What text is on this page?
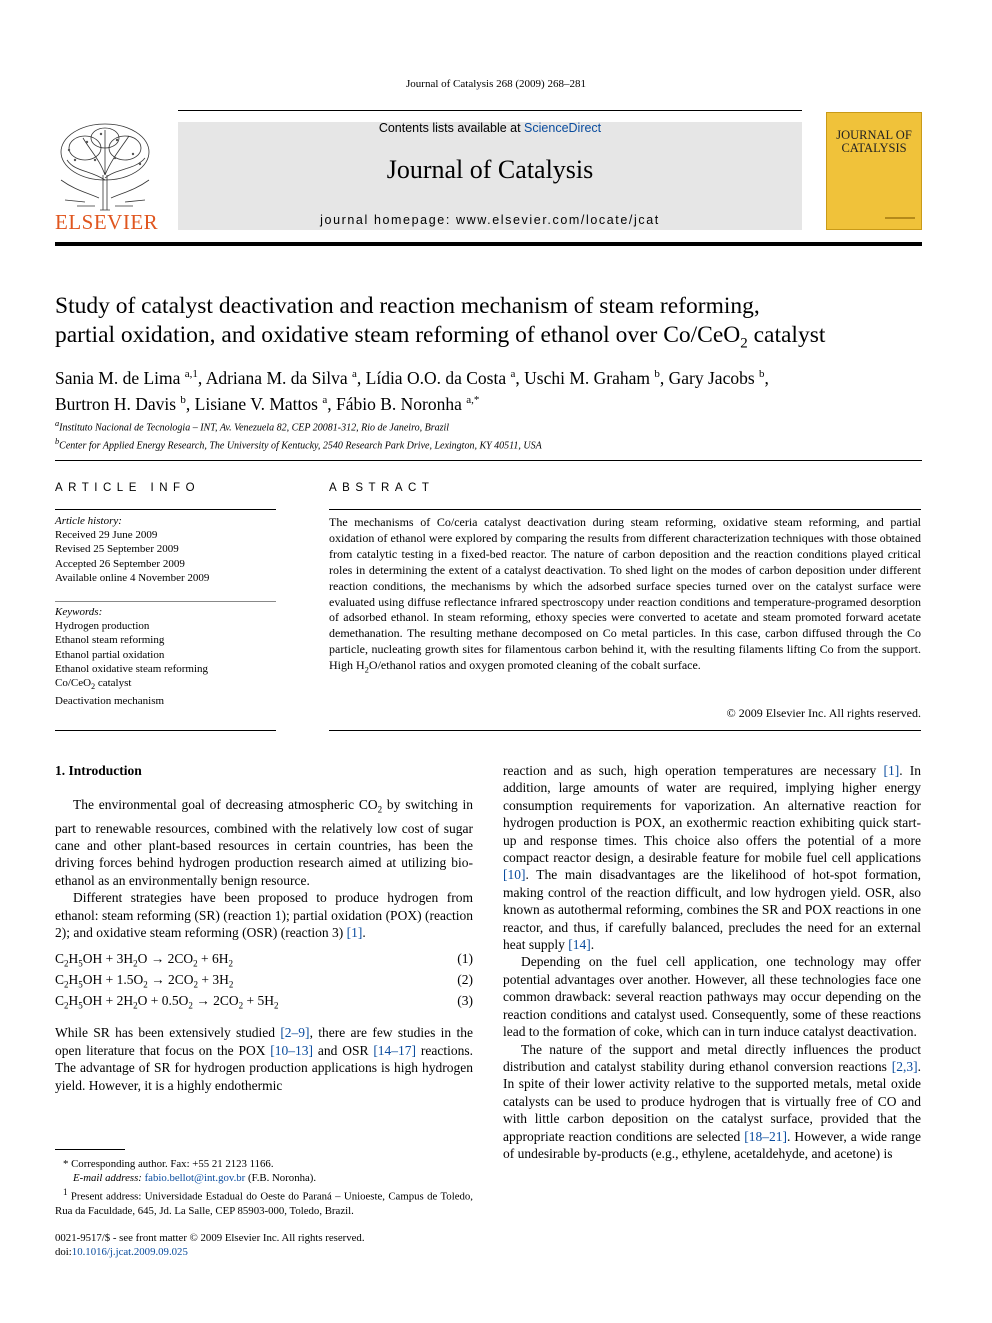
Journal of Catalysis 268 (2009) 268–281
ELSEVIER
Contents lists available at ScienceDirect
Journal of Catalysis
journal homepage: www.elsevier.com/locate/jcat
JOURNAL OF
CATALYSIS
Study of catalyst deactivation and reaction mechanism of steam reforming,
partial oxidation, and oxidative steam reforming of ethanol over Co/CeO$_2$ catalyst
Sania M. de Lima $^{a,1}$, Adriana M. da Silva $^a$, Lídia O.O. da Costa $^a$, Uschi M. Graham $^b$, Gary Jacobs $^b$,
Burtron H. Davis $^b$, Lisiane V. Mattos $^a$, Fábio B. Noronha $^{a,*}$
$^a$Instituto Nacional de Tecnologia – INT, Av. Venezuela 82, CEP 20081-312, Rio de Janeiro, Brazil
$^b$Center for Applied Energy Research, The University of Kentucky, 2540 Research Park Drive, Lexington, KY 40511, USA
ARTICLE INFO
Article history:
Received 29 June 2009
Revised 25 September 2009
Accepted 26 September 2009
Available online 4 November 2009
Keywords:
Hydrogen production
Ethanol steam reforming
Ethanol partial oxidation
Ethanol oxidative steam reforming
Co/CeO$_2$ catalyst
Deactivation mechanism
ABSTRACT
The mechanisms of Co/ceria catalyst deactivation during steam reforming, oxidative steam reforming, and partial oxidation of ethanol were explored by comparing the results from different characterization techniques with those obtained from catalytic testing in a fixed-bed reactor. The nature of carbon deposition and the reaction conditions played critical roles in determining the extent of a catalyst deactivation. To shed light on the modes of carbon deposition under different reaction conditions, the mechanisms by which the adsorbed surface species turned over on the catalyst surface were evaluated using diffuse reflectance infrared spectroscopy under reaction conditions and temperature-programed desorption of adsorbed ethanol. In steam reforming, ethoxy species were converted to acetate and steam promoted forward acetate demethanation. The resulting methane decomposed on Co metal particles. In this case, carbon diffused through the Co particle, nucleating growth sites for filamentous carbon behind it, with the resulting filaments lifting Co from the support. High $H_2O$/ethanol ratios and oxygen promoted cleaning of the cobalt surface.
© 2009 Elsevier Inc. All rights reserved.
1. Introduction

The environmental goal of decreasing atmospheric $CO_2$ by switching in part to renewable resources, combined with the relatively low cost of sugar cane and other plant-based resources in certain countries, has been the driving forces behind hydrogen production research aimed at utilizing bio-ethanol as an environmentally benign resource.

Different strategies have been proposed to produce hydrogen from ethanol: steam reforming (SR) (reaction 1); partial oxidation (POX) (reaction 2); and oxidative steam reforming (OSR) (reaction 3) [1].

$C_2H_5OH + 3H_2O \to 2CO_2 + 6H_2$	(1)
$C_2H_5OH + 1.5O_2 \to 2CO_2 + 3H_2$	(2)
$C_2H_5OH + 2H_2O + 0.5O_2 \to 2CO_2 + 5H_2$	(3)

While SR has been extensively studied [2–9], there are few studies in the open literature that focus on the POX [10–13] and OSR [14–17] reactions. The advantage of SR for hydrogen production applications is high hydrogen yield. However, it is a highly endothermic

reaction and as such, high operation temperatures are necessary [1]. In addition, large amounts of water are required, implying higher energy consumption requirements for vaporization. An alternative reaction for hydrogen production is POX, an exothermic reaction exhibiting quick start-up and response times. This choice also offers the potential of a more compact reactor design, a desirable feature for mobile fuel cell applications [10]. The main disadvantages are the likelihood of hot-spot formation, making control of the reaction difficult, and low hydrogen yield. OSR, also known as autothermal reforming, combines the SR and POX reactions in one reactor, and thus, if carefully balanced, precludes the need for an external heat supply [14].

Depending on the fuel cell application, one technology may offer potential advantages over another. However, all these technologies face one common drawback: several reaction pathways may occur depending on the reaction conditions and catalyst used. Consequently, some of these reactions lead to the formation of coke, which can in turn induce catalyst deactivation.

The nature of the support and metal directly influences the product distribution and catalyst stability during ethanol conversion reactions [2,3]. In spite of their lower activity relative to the supported metals, metal oxide catalysts can be used to produce hydrogen that is virtually free of CO and with little carbon deposition on the catalyst surface, provided that the appropriate reaction conditions are selected [18–21]. However, a wide range of undesirable by-products (e.g., ethylene, acetaldehyde, and acetone) is

* Corresponding author. Fax: +55 21 2123 1166.
E-mail address: fabio.bellot@int.gov.br (F.B. Noronha).
$^1$ Present address: Universidade Estadual do Oeste do Paraná – Unioeste, Campus de Toledo, Rua da Faculdade, 645, Jd. La Salle, CEP 85903-000, Toledo, Brazil.
0021-9517/$ - see front matter © 2009 Elsevier Inc. All rights reserved.
doi:10.1016/j.jcat.2009.09.025
